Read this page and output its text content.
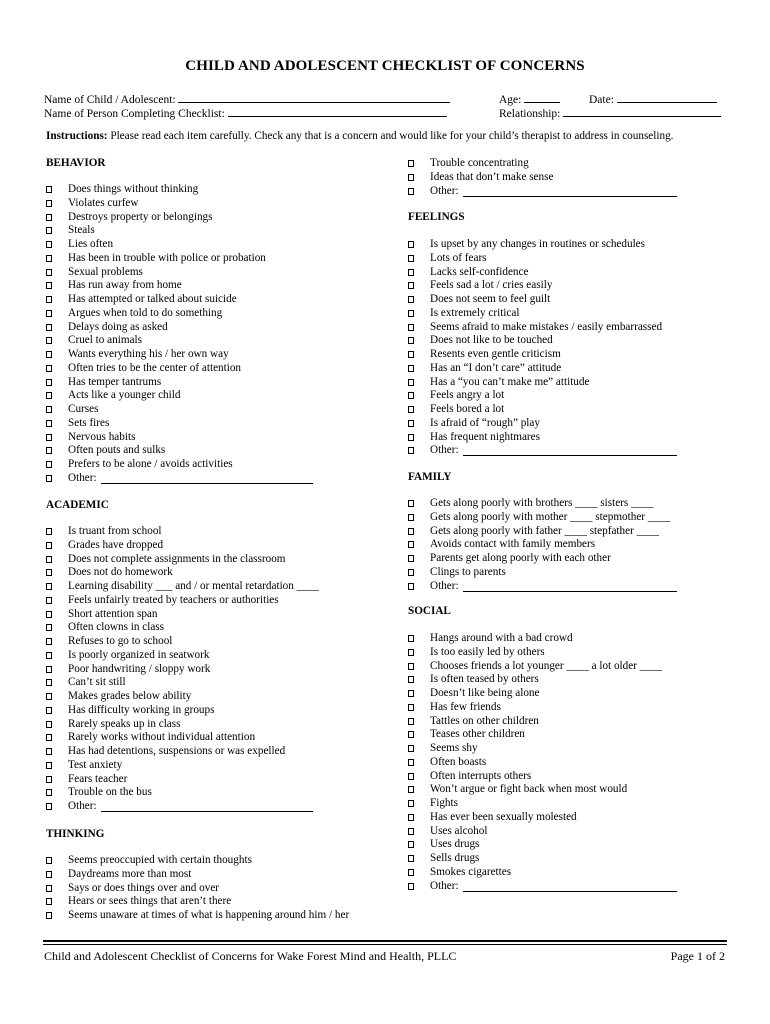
CHILD AND ADOLESCENT CHECKLIST OF CONCERNS
Name of Child / Adolescent:
Name of Person Completing Checklist:
Age:	Date:
Relationship:
Instructions: Please read each item carefully. Check any that is a concern and would like for your child’s therapist to address in counseling.
BEHAVIOR
Does things without thinking
Violates curfew
Destroys property or belongings
Steals
Lies often
Has been in trouble with police or probation
Sexual problems
Has run away from home
Has attempted or talked about suicide
Argues when told to do something
Delays doing as asked
Cruel to animals
Wants everything his / her own way
Often tries to be the center of attention
Has temper tantrums
Acts like a younger child
Curses
Sets fires
Nervous habits
Often pouts and sulks
Prefers to be alone / avoids activities
Other:
ACADEMIC
Is truant from school
Grades have dropped
Does not complete assignments in the classroom
Does not do homework
Learning disability ___ and / or mental retardation ____
Feels unfairly treated by teachers or authorities
Short attention span
Often clowns in class
Refuses to go to school
Is poorly organized in seatwork
Poor handwriting / sloppy work
Can’t sit still
Makes grades below ability
Has difficulty working in groups
Rarely speaks up in class
Rarely works without individual attention
Has had detentions, suspensions or was expelled
Test anxiety
Fears teacher
Trouble on the bus
Other:
THINKING
Seems preoccupied with certain thoughts
Daydreams more than most
Says or does things over and over
Hears or sees things that aren’t there
Seems unaware at times of what is happening around him / her
Trouble concentrating
Ideas that don’t make sense
Other:
FEELINGS
Is upset by any changes in routines or schedules
Lots of fears
Lacks self-confidence
Feels sad a lot / cries easily
Does not seem to feel guilt
Is extremely critical
Seems afraid to make mistakes / easily embarrassed
Does not like to be touched
Resents even gentle criticism
Has an “I don’t care” attitude
Has a “you can’t make me” attitude
Feels angry a lot
Feels bored a lot
Is afraid of “rough” play
Has frequent nightmares
Other:
FAMILY
Gets along poorly with brothers ____ sisters ____
Gets along poorly with mother ____ stepmother ____
Gets along poorly with father ____ stepfather ____
Avoids contact with family members
Parents get along poorly with each other
Clings to parents
Other:
SOCIAL
Hangs around with a bad crowd
Is too easily led by others
Chooses friends a lot younger ____ a lot older ____
Is often teased by others
Doesn’t like being alone
Has few friends
Tattles on other children
Teases other children
Seems shy
Often boasts
Often interrupts others
Won’t argue or fight back when most would
Fights
Has ever been sexually molested
Uses alcohol
Uses drugs
Sells drugs
Smokes cigarettes
Other:
Child and Adolescent Checklist of Concerns for Wake Forest Mind and Health, PLLC	Page 1 of 2
